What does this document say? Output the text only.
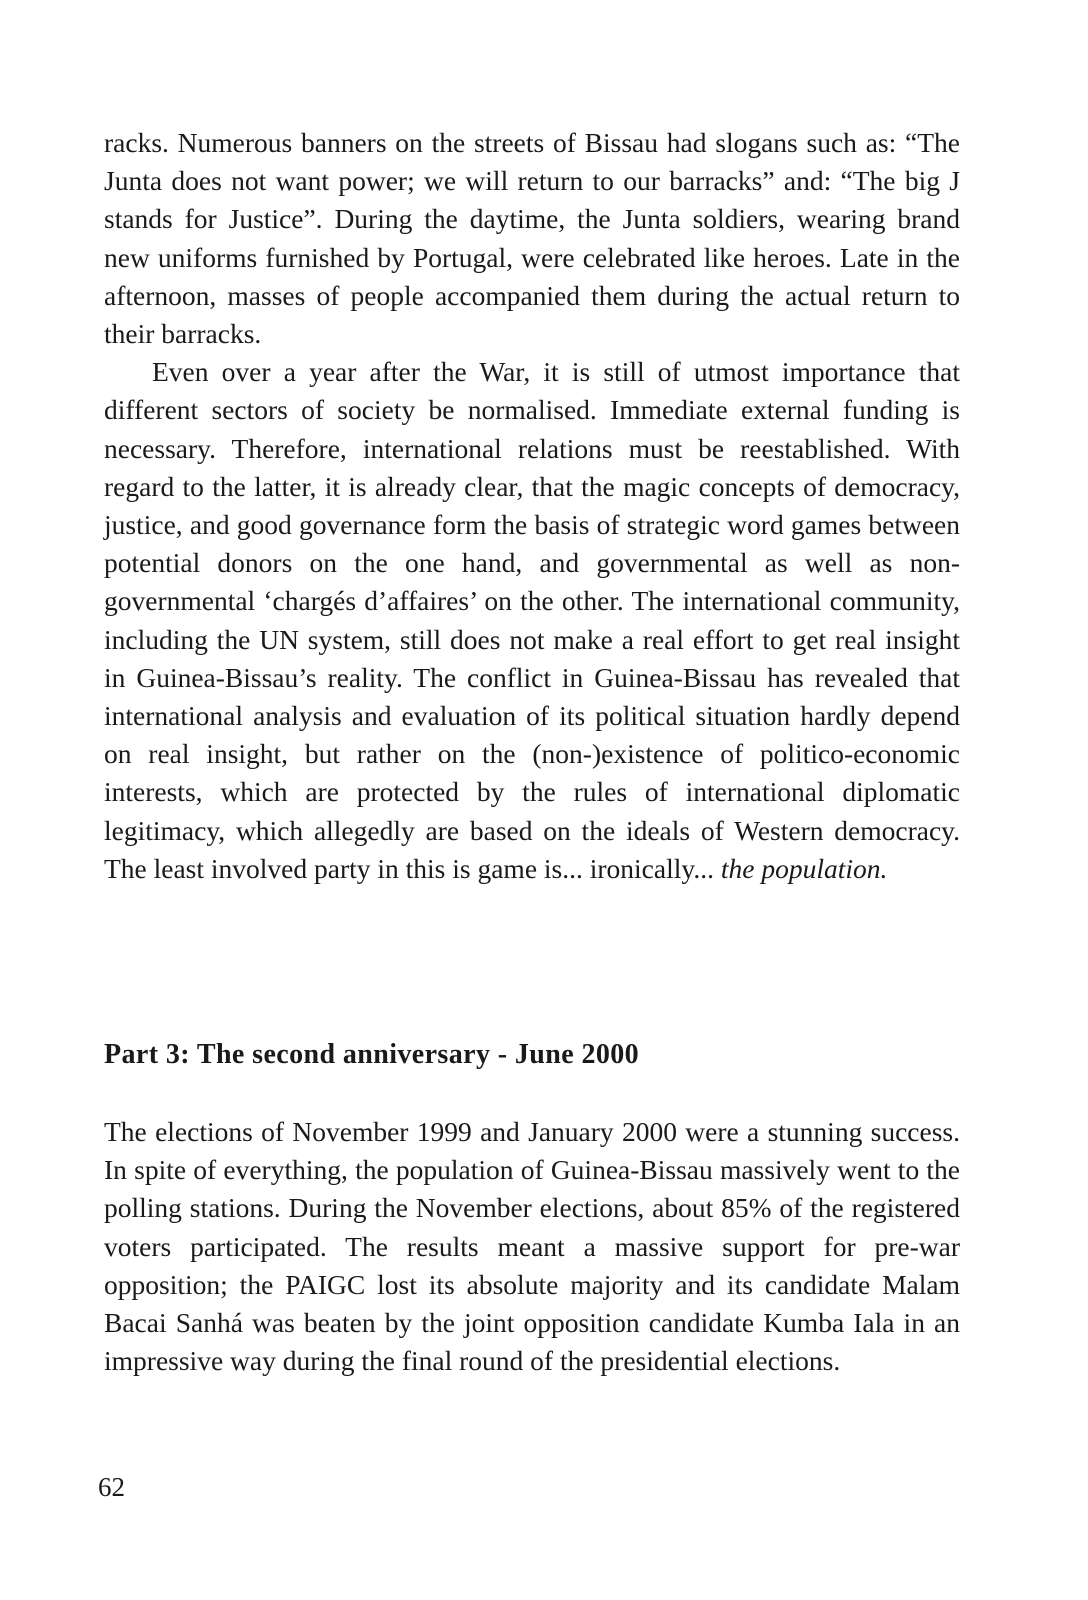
racks. Numerous banners on the streets of Bissau had slogans such as: “The Junta does not want power; we will return to our barracks” and: “The big J stands for Justice”. During the daytime, the Junta soldiers, wearing brand new uniforms furnished by Portugal, were celebrated like heroes. Late in the afternoon, masses of people accompanied them during the actual return to their barracks.

Even over a year after the War, it is still of utmost importance that different sectors of society be normalised. Immediate external funding is necessary. Therefore, international relations must be reestablished. With regard to the latter, it is already clear, that the magic concepts of democracy, justice, and good governance form the basis of strategic word games between potential donors on the one hand, and governmental as well as non-governmental ‘chargés d’affaires’ on the other. The international community, including the UN system, still does not make a real effort to get real insight in Guinea-Bissau’s reality. The conflict in Guinea-Bissau has revealed that international analysis and evaluation of its political situation hardly depend on real insight, but rather on the (non-)existence of politico-economic interests, which are protected by the rules of international diplomatic legitimacy, which allegedly are based on the ideals of Western democracy. The least involved party in this is game is... ironically... the population.

Part 3: The second anniversary - June 2000

The elections of November 1999 and January 2000 were a stunning success. In spite of everything, the population of Guinea-Bissau massively went to the polling stations. During the November elections, about 85% of the registered voters participated. The results meant a massive support for pre-war opposition; the PAIGC lost its absolute majority and its candidate Malam Bacai Sanhá was beaten by the joint opposition candidate Kumba Iala in an impressive way during the final round of the presidential elections.

62
